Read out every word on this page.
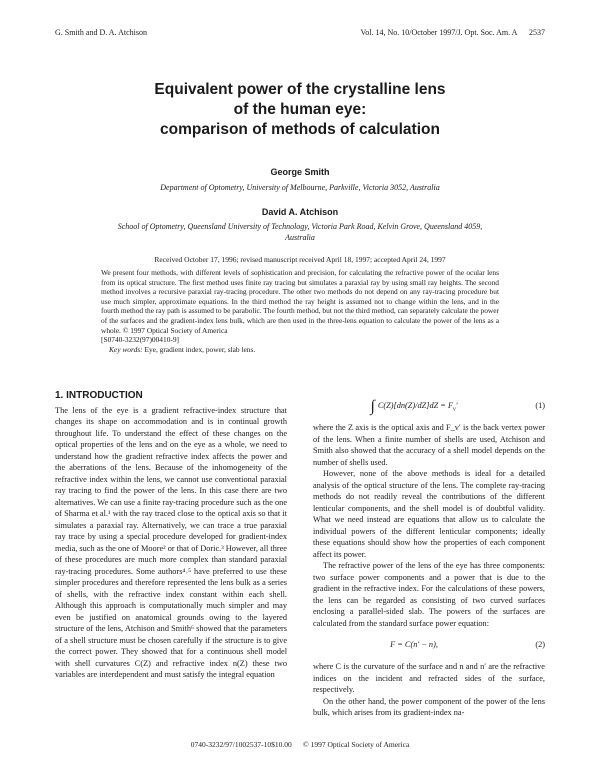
G. Smith and D. A. Atchison	Vol. 14, No. 10/October 1997/J. Opt. Soc. Am. A      2537
Equivalent power of the crystalline lens
of the human eye:
comparison of methods of calculation
George Smith
Department of Optometry, University of Melbourne, Parkville, Victoria 3052, Australia
David A. Atchison
School of Optometry, Queensland University of Technology, Victoria Park Road, Kelvin Grove, Queensland 4059, Australia
Received October 17, 1996; revised manuscript received April 18, 1997; accepted April 24, 1997

We present four methods, with different levels of sophistication and precision, for calculating the refractive power of the ocular lens from its optical structure. The first method uses finite ray tracing but simulates a paraxial ray by using small ray heights. The second method involves a recursive paraxial ray-tracing procedure. The other two methods do not depend on any ray-tracing procedure but use much simpler, approximate equations. In the third method the ray height is assumed not to change within the lens, and in the fourth method the ray path is assumed to be parabolic. The fourth method, but not the third method, can separately calculate the power of the surfaces and the gradient-index lens bulk, which are then used in the three-lens equation to calculate the power of the lens as a whole. © 1997 Optical Society of America

[S0740-3232(97)00410-9]

Key words: Eye, gradient index, power, slab lens.

1. INTRODUCTION

The lens of the eye is a gradient refractive-index structure that changes its shape on accommodation and is in continual growth throughout life. To understand the effect of these changes on the optical properties of the lens and on the eye as a whole, we need to understand how the gradient refractive index affects the power and the aberrations of the lens. Because of the inhomogeneity of the refractive index within the lens, we cannot use conventional paraxial ray tracing to find the power of the lens. In this case there are two alternatives. We can use a finite ray-tracing procedure such as the one of Sharma et al.¹ with the ray traced close to the optical axis so that it simulates a paraxial ray. Alternatively, we can trace a true paraxial ray trace by using a special procedure developed for gradient-index media, such as the one of Moore² or that of Doric.³ However, all three of these procedures are much more complex than standard paraxial ray-tracing procedures. Some authors⁴˒⁵ have preferred to use these simpler procedures and therefore represented the lens bulk as a series of shells, with the refractive index constant within each shell. Although this approach is computationally much simpler and may even be justified on anatomical grounds owing to the layered structure of the lens, Atchison and Smith⁶ showed that the parameters of a shell structure must be chosen carefully if the structure is to give the correct power. They showed that for a continuous shell model with shell curvatures C(Z) and refractive index n(Z) these two variables are interdependent and must satisfy the integral equation

∫ $C(Z)[dn(Z)/dZ]dZ = F_v'$	(1)

where the Z axis is the optical axis and F_v′ is the back vertex power of the lens. When a finite number of shells are used, Atchison and Smith also showed that the accuracy of a shell model depends on the number of shells used.

However, none of the above methods is ideal for a detailed analysis of the optical structure of the lens. The complete ray-tracing methods do not readily reveal the contributions of the different lenticular components, and the shell model is of doubtful validity. What we need instead are equations that allow us to calculate the individual powers of the different lenticular components; ideally these equations should show how the properties of each component affect its power.

The refractive power of the lens of the eye has three components: two surface power components and a power that is due to the gradient in the refractive index. For the calculations of these powers, the lens can be regarded as consisting of two curved surfaces enclosing a parallel-sided slab. The powers of the surfaces are calculated from the standard surface power equation:

F = C(n′ − n),	(2)

where C is the curvature of the surface and n and n′ are the refractive indices on the incident and refracted sides of the surface, respectively.

On the other hand, the power component of the power of the lens bulk, which arises from its gradient-index na-

0740-3232/97/1002537-10$10.00      © 1997 Optical Society of America
